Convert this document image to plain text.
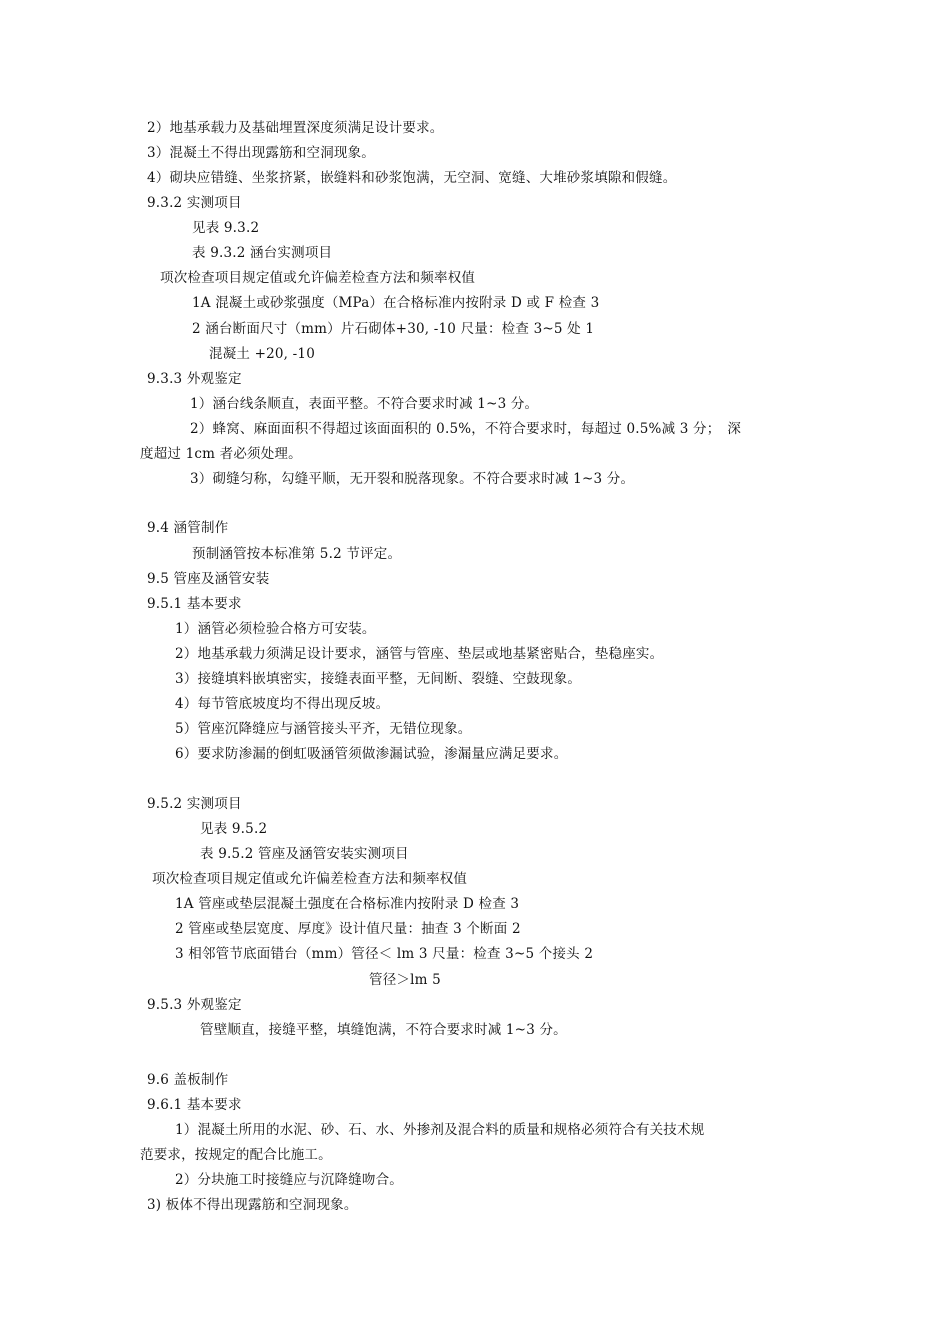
2）地基承载力及基础埋置深度须满足设计要求。
3）混凝土不得出现露筋和空洞现象。
4）砌块应错缝、坐浆挤紧，嵌缝料和砂浆饱满，无空洞、宽缝、大堆砂浆填隙和假缝。
9.3.2 实测项目
见表 9.3.2
表 9.3.2 涵台实测项目
项次检查项目规定值或允许偏差检查方法和频率权值
1A 混凝土或砂浆强度（MPa）在合格标准内按附录 D 或 F 检查 3
2 涵台断面尺寸（mm）片石砌体+30, -10 尺量：检查 3~5 处 1
混凝土 +20, -10
9.3.3 外观鉴定
1）涵台线条顺直，表面平整。不符合要求时减 1~3 分。
2）蜂窝、麻面面积不得超过该面面积的 0.5%，不符合要求时，每超过 0.5%减 3 分；　深
度超过 1cm 者必须处理。
3）砌缝匀称，勾缝平顺，无开裂和脱落现象。不符合要求时减 1~3 分。
9.4 涵管制作
预制涵管按本标准第 5.2 节评定。
9.5 管座及涵管安装
9.5.1 基本要求
1）涵管必须检验合格方可安装。
2）地基承载力须满足设计要求，涵管与管座、垫层或地基紧密贴合，垫稳座实。
3）接缝填料嵌填密实，接缝表面平整，无间断、裂缝、空鼓现象。
4）每节管底坡度均不得出现反坡。
5）管座沉降缝应与涵管接头平齐，无错位现象。
6）要求防渗漏的倒虹吸涵管须做渗漏试验，渗漏量应满足要求。
9.5.2 实测项目
见表 9.5.2
表 9.5.2 管座及涵管安装实测项目
项次检查项目规定值或允许偏差检查方法和频率权值
1A 管座或垫层混凝土强度在合格标准内按附录 D 检查 3
2 管座或垫层宽度、厚度》设计值尺量：抽查 3 个断面 2
3 相邻管节底面错台（mm）管径＜ lm 3 尺量：检查 3~5 个接头 2
管径＞lm 5
9.5.3 外观鉴定
管壁顺直，接缝平整，填缝饱满，不符合要求时减 1~3 分。
9.6 盖板制作
9.6.1 基本要求
1）混凝土所用的水泥、砂、石、水、外掺剂及混合料的质量和规格必须符合有关技术规
范要求，按规定的配合比施工。
2）分块施工时接缝应与沉降缝吻合。
3) 板体不得出现露筋和空洞现象。
